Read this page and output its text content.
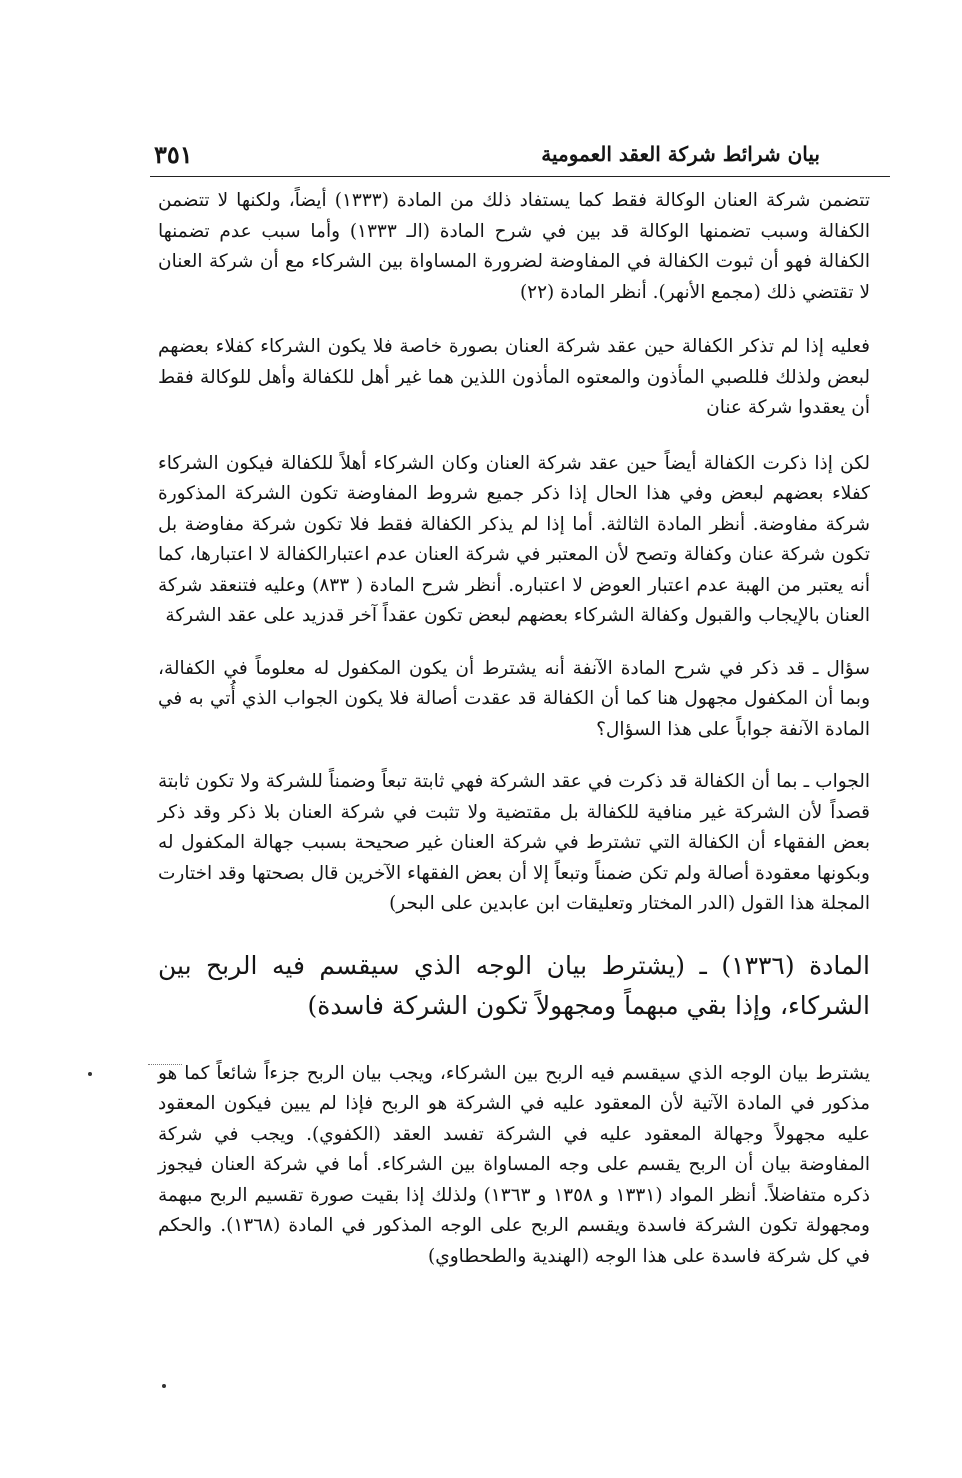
بيان شرائط شركة العقد العمومية
٣٥١

تتضمن شركة العنان الوكالة فقط كما يستفاد ذلك من المادة (١٣٣٣) أيضاً، ولكنها لا تتضمن الكفالة وسبب تضمنها الوكالة قد بين في شرح المادة (الـ ١٣٣٣) وأما سبب عدم تضمنها الكفالة فهو أن ثبوت الكفالة في المفاوضة لضرورة المساواة بين الشركاء مع أن شركة العنان لا تقتضي ذلك (مجمع الأنهر). أنظر المادة (٢٢)

فعليه إذا لم تذكر الكفالة حين عقد شركة العنان بصورة خاصة فلا يكون الشركاء كفلاء بعضهم لبعض ولذلك فللصبي المأذون والمعتوه المأذون اللذين هما غير أهل للكفالة وأهل للوكالة فقط أن يعقدوا شركة عنان

لكن إذا ذكرت الكفالة أيضاً حين عقد شركة العنان وكان الشركاء أهلاً للكفالة فيكون الشركاء كفلاء بعضهم لبعض وفي هذا الحال إذا ذكر جميع شروط المفاوضة تكون الشركة المذكورة شركة مفاوضة. أنظر المادة الثالثة. أما إذا لم يذكر الكفالة فقط فلا تكون شركة مفاوضة بل تكون شركة عنان وكفالة وتصح لأن المعتبر في شركة العنان عدم اعتبارالكفالة لا اعتبارها، كما أنه يعتبر من الهبة عدم اعتبار العوض لا اعتباره. أنظر شرح المادة ( ٨٣٣) وعليه فتنعقد شركة العنان بالإيجاب والقبول وكفالة الشركاء بعضهم لبعض تكون عقداً آخر قدزيد على عقد الشركة

سؤال ـ قد ذكر في شرح المادة الآنفة أنه يشترط أن يكون المكفول له معلوماً في الكفالة، وبما أن المكفول مجهول هنا كما أن الكفالة قد عقدت أصالة فلا يكون الجواب الذي أُتي به في المادة الآنفة جواباً على هذا السؤال؟

الجواب ـ بما أن الكفالة قد ذكرت في عقد الشركة فهي ثابتة تبعاً وضمناً للشركة ولا تكون ثابتة قصداً لأن الشركة غير منافية للكفالة بل مقتضية ولا تثبت في شركة العنان بلا ذكر وقد ذكر بعض الفقهاء أن الكفالة التي تشترط في شركة العنان غير صحيحة بسبب جهالة المكفول له وبكونها معقودة أصالة ولم تكن ضمناً وتبعاً إلا أن بعض الفقهاء الآخرين قال بصحتها وقد اختارت المجلة هذا القول (الدر المختار وتعليقات ابن عابدين على البحر)

المادة (١٣٣٦) ـ (يشترط بيان الوجه الذي سيقسم فيه الربح بين الشركاء، وإذا بقي مبهماً ومجهولاً تكون الشركة فاسدة)

يشترط بيان الوجه الذي سيقسم فيه الربح بين الشركاء، ويجب بيان الربح جزءاً شائعاً كما هو مذكور في المادة الآتية لأن المعقود عليه في الشركة هو الربح فإذا لم يبين فيكون المعقود عليه مجهولاً وجهالة المعقود عليه في الشركة تفسد العقد (الكفوي). ويجب في شركة المفاوضة بيان أن الربح يقسم على وجه المساواة بين الشركاء. أما في شركة العنان فيجوز ذكره متفاضلاً. أنظر المواد (١٣٣١ و ١٣٥٨ و ١٣٦٣) ولذلك إذا بقيت صورة تقسيم الربح مبهمة ومجهولة تكون الشركة فاسدة ويقسم الربح على الوجه المذكور في المادة (١٣٦٨). والحكم في كل شركة فاسدة على هذا الوجه (الهندية والطحطاوي)
